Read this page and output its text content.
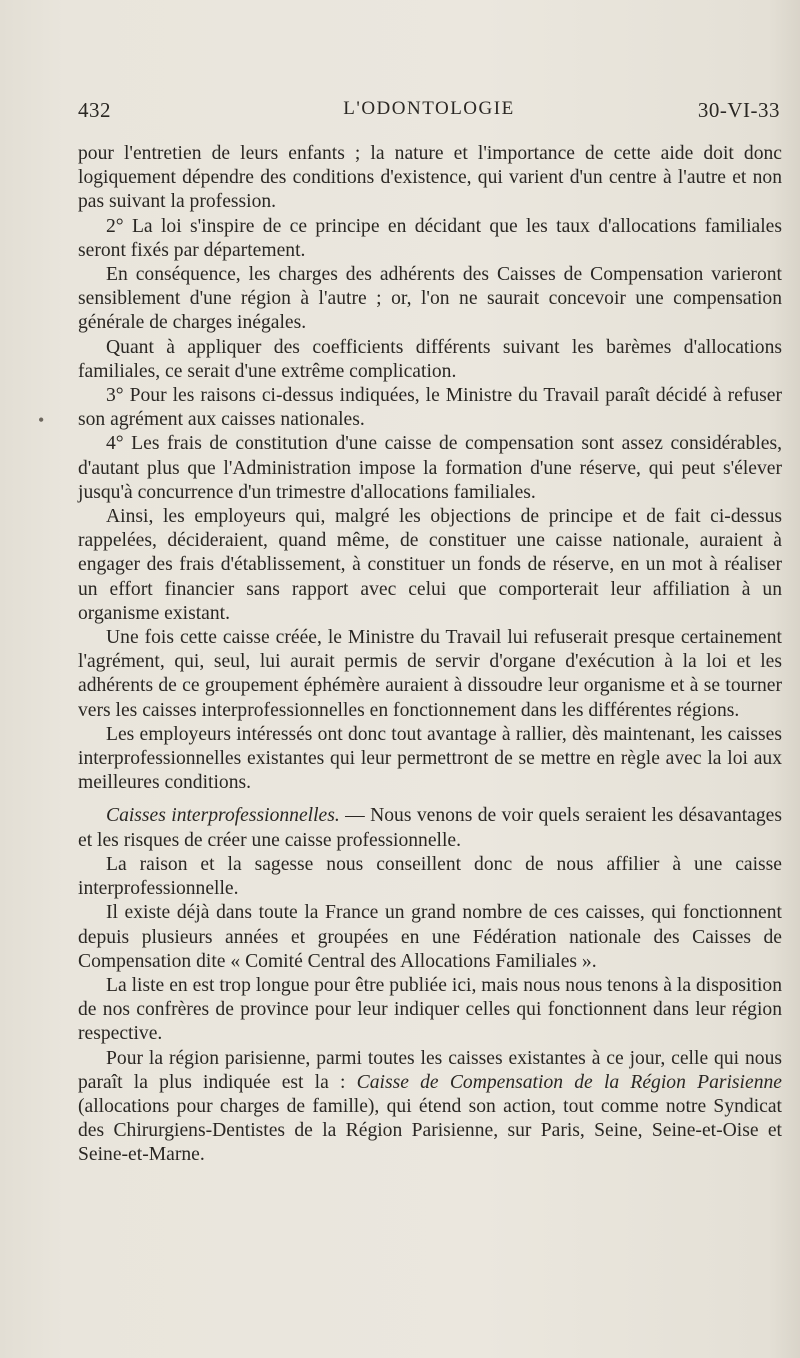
432	L'ODONTOLOGIE	30-VI-33
•

pour l'entretien de leurs enfants ; la nature et l'importance de cette aide doit donc logiquement dépendre des conditions d'existence, qui varient d'un centre à l'autre et non pas suivant la profession.

2° La loi s'inspire de ce principe en décidant que les taux d'allocations familiales seront fixés par département.

En conséquence, les charges des adhérents des Caisses de Compensation varieront sensiblement d'une région à l'autre ; or, l'on ne saurait concevoir une compensation générale de charges inégales.

Quant à appliquer des coefficients différents suivant les barèmes d'allocations familiales, ce serait d'une extrême complication.

3° Pour les raisons ci-dessus indiquées, le Ministre du Travail paraît décidé à refuser son agrément aux caisses nationales.

4° Les frais de constitution d'une caisse de compensation sont assez considérables, d'autant plus que l'Administration impose la formation d'une réserve, qui peut s'élever jusqu'à concurrence d'un trimestre d'allocations familiales.

Ainsi, les employeurs qui, malgré les objections de principe et de fait ci-dessus rappelées, décideraient, quand même, de constituer une caisse nationale, auraient à engager des frais d'établissement, à constituer un fonds de réserve, en un mot à réaliser un effort financier sans rapport avec celui que comporterait leur affiliation à un organisme existant.

Une fois cette caisse créée, le Ministre du Travail lui refuserait presque certainement l'agrément, qui, seul, lui aurait permis de servir d'organe d'exécution à la loi et les adhérents de ce groupement éphémère auraient à dissoudre leur organisme et à se tourner vers les caisses interprofessionnelles en fonctionnement dans les différentes régions.

Les employeurs intéressés ont donc tout avantage à rallier, dès maintenant, les caisses interprofessionnelles existantes qui leur permettront de se mettre en règle avec la loi aux meilleures conditions.

Caisses interprofessionnelles. — Nous venons de voir quels seraient les désavantages et les risques de créer une caisse professionnelle.

La raison et la sagesse nous conseillent donc de nous affilier à une caisse interprofessionnelle.

Il existe déjà dans toute la France un grand nombre de ces caisses, qui fonctionnent depuis plusieurs années et groupées en une Fédération nationale des Caisses de Compensation dite « Comité Central des Allocations Familiales ».

La liste en est trop longue pour être publiée ici, mais nous nous tenons à la disposition de nos confrères de province pour leur indiquer celles qui fonctionnent dans leur région respective.

Pour la région parisienne, parmi toutes les caisses existantes à ce jour, celle qui nous paraît la plus indiquée est la : Caisse de Compensation de la Région Parisienne (allocations pour charges de famille), qui étend son action, tout comme notre Syndicat des Chirurgiens-Dentistes de la Région Parisienne, sur Paris, Seine, Seine-et-Oise et Seine-et-Marne.
